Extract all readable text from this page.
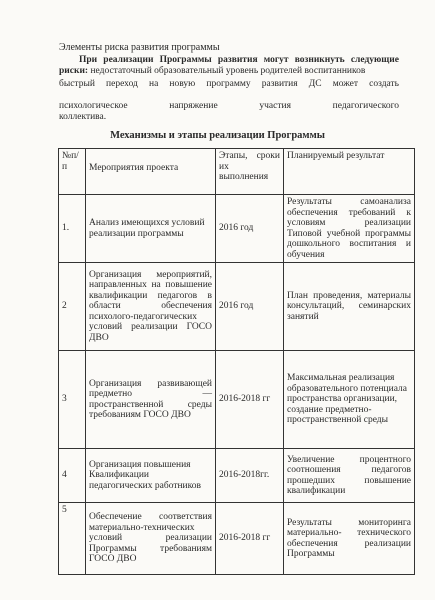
Элементы риска развития программы
При реализации Программы развития могут возникнуть следующие риски: недостаточный образовательный уровень родителей воспитанников
быстрый переход на новую программу развития ДС может создать
психологическое напряжение участия педагогического
коллектива.
Механизмы и этапы реализации Программы
№п/п	Мероприятия проекта	Этапы, сроки их выполнения	Планируемый результат
1.	Анализ имеющихся условий реализации программы	2016 год	Результаты самоанализа обеспечения требований к условиям реализации Типовой учебной программы дошкольного воспитания и обучения
2	Организация мероприятий, направленных на повышение квалификации педагогов в области обеспечения психолого-педагогических условий реализации ГОСО ДВО	2016 год	План проведения, материалы консультаций, семинарских занятий
3	Организация развивающей предметно — пространственной среды требованиям ГОСО ДВО	2016-2018 гг	Максимальная реализация образовательного потенциала пространства организации, создание предметно-пространственной среды
4	Организация повышения Квалификации педагогических работников	2016-2018гг.	Увеличение процентного соотношения педагогов прошедших повышение квалификации
5	Обеспечение соответствия материально-технических условий реализации Программы требованиям ГОСО ДВО	2016-2018 гг	Результаты мониторинга материально- технического обеспечения реализации Программы
